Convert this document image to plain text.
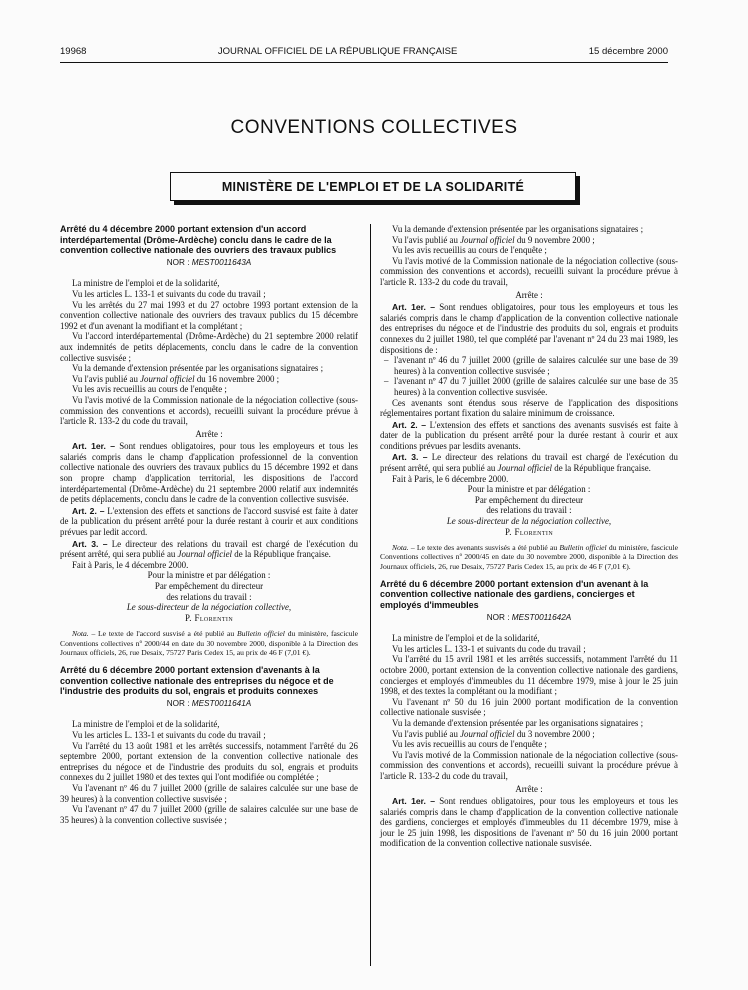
19968	JOURNAL OFFICIEL DE LA RÉPUBLIQUE FRANÇAISE	15 décembre 2000
CONVENTIONS COLLECTIVES
MINISTÈRE DE L'EMPLOI ET DE LA SOLIDARITÉ
Arrêté du 4 décembre 2000 portant extension d'un accord interdépartemental (Drôme-Ardèche) conclu dans le cadre de la convention collective nationale des ouvriers des travaux publics
NOR : MEST0011643A

La ministre de l'emploi et de la solidarité,

Vu les articles L. 133-1 et suivants du code du travail ;

Vu les arrêtés du 27 mai 1993 et du 27 octobre 1993 portant extension de la convention collective nationale des ouvriers des travaux publics du 15 décembre 1992 et d'un avenant la modifiant et la complétant ;

Vu l'accord interdépartemental (Drôme-Ardèche) du 21 septembre 2000 relatif aux indemnités de petits déplacements, conclu dans le cadre de la convention collective susvisée ;

Vu la demande d'extension présentée par les organisations signataires ;

Vu l'avis publié au Journal officiel du 16 novembre 2000 ;

Vu les avis recueillis au cours de l'enquête ;

Vu l'avis motivé de la Commission nationale de la négociation collective (sous-commission des conventions et accords), recueilli suivant la procédure prévue à l'article R. 133-2 du code du travail,

Arrête :

Art. 1er. – Sont rendues obligatoires, pour tous les employeurs et tous les salariés compris dans le champ d'application professionnel de la convention collective nationale des ouvriers des travaux publics du 15 décembre 1992 et dans son propre champ d'application territorial, les dispositions de l'accord interdépartemental (Drôme-Ardèche) du 21 septembre 2000 relatif aux indemnités de petits déplacements, conclu dans le cadre de la convention collective susvisée.

Art. 2. – L'extension des effets et sanctions de l'accord susvisé est faite à dater de la publication du présent arrêté pour la durée restant à courir et aux conditions prévues par ledit accord.

Art. 3. – Le directeur des relations du travail est chargé de l'exécution du présent arrêté, qui sera publié au Journal officiel de la République française.

Fait à Paris, le 4 décembre 2000.

Pour la ministre et par délégation :
Par empêchement du directeur
des relations du travail :
Le sous-directeur de la négociation collective,
P. Florentin
Nota. – Le texte de l'accord susvisé a été publié au Bulletin officiel du ministère, fascicule Conventions collectives nº 2000/44 en date du 30 novembre 2000, disponible à la Direction des Journaux officiels, 26, rue Desaix, 75727 Paris Cedex 15, au prix de 46 F (7,01 €).
Arrêté du 6 décembre 2000 portant extension d'avenants à la convention collective nationale des entreprises du négoce et de l'industrie des produits du sol, engrais et produits connexes
NOR : MEST0011641A

La ministre de l'emploi et de la solidarité,

Vu les articles L. 133-1 et suivants du code du travail ;

Vu l'arrêté du 13 août 1981 et les arrêtés successifs, notamment l'arrêté du 26 septembre 2000, portant extension de la convention collective nationale des entreprises du négoce et de l'industrie des produits du sol, engrais et produits connexes du 2 juillet 1980 et des textes qui l'ont modifiée ou complétée ;

Vu l'avenant nº 46 du 7 juillet 2000 (grille de salaires calculée sur une base de 39 heures) à la convention collective susvisée ;

Vu l'avenant nº 47 du 7 juillet 2000 (grille de salaires calculée sur une base de 35 heures) à la convention collective susvisée ;

Vu la demande d'extension présentée par les organisations signataires ;

Vu l'avis publié au Journal officiel du 9 novembre 2000 ;

Vu les avis recueillis au cours de l'enquête ;

Vu l'avis motivé de la Commission nationale de la négociation collective (sous-commission des conventions et accords), recueilli suivant la procédure prévue à l'article R. 133-2 du code du travail,

Arrête :

Art. 1er. – Sont rendues obligatoires, pour tous les employeurs et tous les salariés compris dans le champ d'application de la convention collective nationale des entreprises du négoce et de l'industrie des produits du sol, engrais et produits connexes du 2 juillet 1980, tel que complété par l'avenant nº 24 du 23 mai 1989, les dispositions de :

– l'avenant nº 46 du 7 juillet 2000 (grille de salaires calculée sur une base de 39 heures) à la convention collective susvisée ;

– l'avenant nº 47 du 7 juillet 2000 (grille de salaires calculée sur une base de 35 heures) à la convention collective susvisée.

Ces avenants sont étendus sous réserve de l'application des dispositions réglementaires portant fixation du salaire minimum de croissance.

Art. 2. – L'extension des effets et sanctions des avenants susvisés est faite à dater de la publication du présent arrêté pour la durée restant à courir et aux conditions prévues par lesdits avenants.

Art. 3. – Le directeur des relations du travail est chargé de l'exécution du présent arrêté, qui sera publié au Journal officiel de la République française.

Fait à Paris, le 6 décembre 2000.

Pour la ministre et par délégation :
Par empêchement du directeur
des relations du travail :
Le sous-directeur de la négociation collective,
P. Florentin
Nota. – Le texte des avenants susvisés a été publié au Bulletin officiel du ministère, fascicule Conventions collectives nº 2000/45 en date du 30 novembre 2000, disponible à la Direction des Journaux officiels, 26, rue Desaix, 75727 Paris Cedex 15, au prix de 46 F (7,01 €).
Arrêté du 6 décembre 2000 portant extension d'un avenant à la convention collective nationale des gardiens, concierges et employés d'immeubles
NOR : MEST0011642A

La ministre de l'emploi et de la solidarité,

Vu les articles L. 133-1 et suivants du code du travail ;

Vu l'arrêté du 15 avril 1981 et les arrêtés successifs, notamment l'arrêté du 11 octobre 2000, portant extension de la convention collective nationale des gardiens, concierges et employés d'immeubles du 11 décembre 1979, mise à jour le 25 juin 1998, et des textes la complétant ou la modifiant ;

Vu l'avenant nº 50 du 16 juin 2000 portant modification de la convention collective nationale susvisée ;

Vu la demande d'extension présentée par les organisations signataires ;

Vu l'avis publié au Journal officiel du 3 novembre 2000 ;

Vu les avis recueillis au cours de l'enquête ;

Vu l'avis motivé de la Commission nationale de la négociation collective (sous-commission des conventions et accords), recueilli suivant la procédure prévue à l'article R. 133-2 du code du travail,

Arrête :

Art. 1er. – Sont rendues obligatoires, pour tous les employeurs et tous les salariés compris dans le champ d'application de la convention collective nationale des gardiens, concierges et employés d'immeubles du 11 décembre 1979, mise à jour le 25 juin 1998, les dispositions de l'avenant nº 50 du 16 juin 2000 portant modification de la convention collective nationale susvisée.
